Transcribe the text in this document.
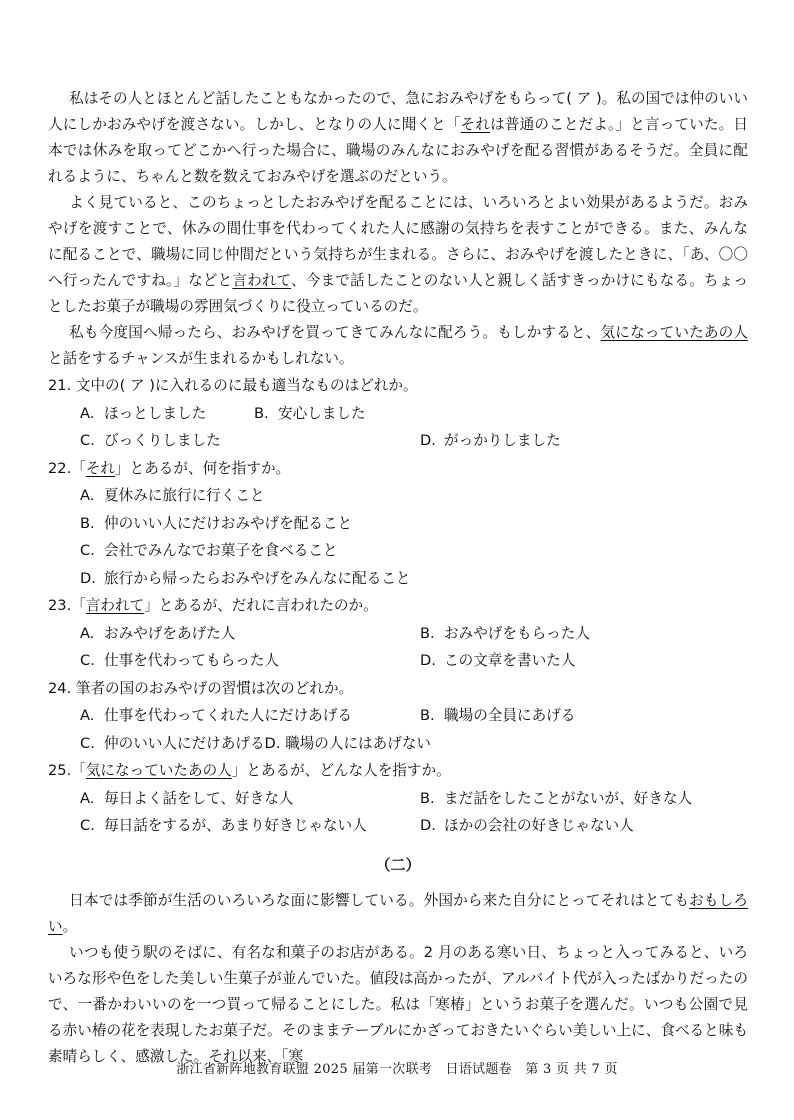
私はその人とほとんど話したこともなかったので、急におみやげをもらって( ア )。私の国では仲のいい人にしかおみやげを渡さない。しかし、となりの人に聞くと「それは普通のことだよ。」と言っていた。日本では休みを取ってどこかへ行った場合に、職場のみんなにおみやげを配る習慣があるそうだ。全員に配れるように、ちゃんと数を数えておみやげを選ぶのだという。

よく見ていると、このちょっとしたおみやげを配ることには、いろいろとよい効果があるようだ。おみやげを渡すことで、休みの間仕事を代わってくれた人に感謝の気持ちを表すことができる。また、みんなに配ることで、職場に同じ仲間だという気持ちが生まれる。さらに、おみやげを渡したときに、「あ、〇〇へ行ったんですね。」などと言われて、今まで話したことのない人と親しく話すきっかけにもなる。ちょっとしたお菓子が職場の雰囲気づくりに役立っているのだ。

私も今度国へ帰ったら、おみやげを買ってきてみんなに配ろう。もしかすると、気になっていたあの人と話をするチャンスが生まれるかもしれない。

21. 文中の( ア )に入れるのに最も適当なものはどれか。

A. ほっとしました	B. 安心しました
C. びっくりしました	D. がっかりしました

22.「それ」とあるが、何を指すか。

A. 夏休みに旅行に行くこと
B. 仲のいい人にだけおみやげを配ること
C. 会社でみんなでお菓子を食べること
D. 旅行から帰ったらおみやげをみんなに配ること

23.「言われて」とあるが、だれに言われたのか。

A. おみやげをあげた人	B. おみやげをもらった人
C. 仕事を代わってもらった人	D. この文章を書いた人

24. 筆者の国のおみやげの習慣は次のどれか。

A. 仕事を代わってくれた人にだけあげる	B. 職場の全員にあげる
C. 仲のいい人にだけあげるD. 職場の人にはあげない

25.「気になっていたあの人」とあるが、どんな人を指すか。

A. 毎日よく話をして、好きな人	B. まだ話をしたことがないが、好きな人
C. 毎日話をするが、あまり好きじゃない人	D. ほかの会社の好きじゃない人
（二）

日本では季節が生活のいろいろな面に影響している。外国から来た自分にとってそれはとてもおもしろい。

いつも使う駅のそばに、有名な和菓子のお店がある。2 月のある寒い日、ちょっと入ってみると、いろいろな形や色をした美しい生菓子が並んでいた。値段は高かったが、アルバイト代が入ったばかりだったので、一番かわいいのを一つ買って帰ることにした。私は「寒椿」というお菓子を選んだ。いつも公園で見る赤い椿の花を表現したお菓子だ。そのままテーブルにかざっておきたいぐらい美しい上に、食べると味も素晴らしく、感激した。それ以来、「寒

浙江省新阵地教育联盟 2025 届第一次联考　日语试题卷　第 3 页 共 7 页
